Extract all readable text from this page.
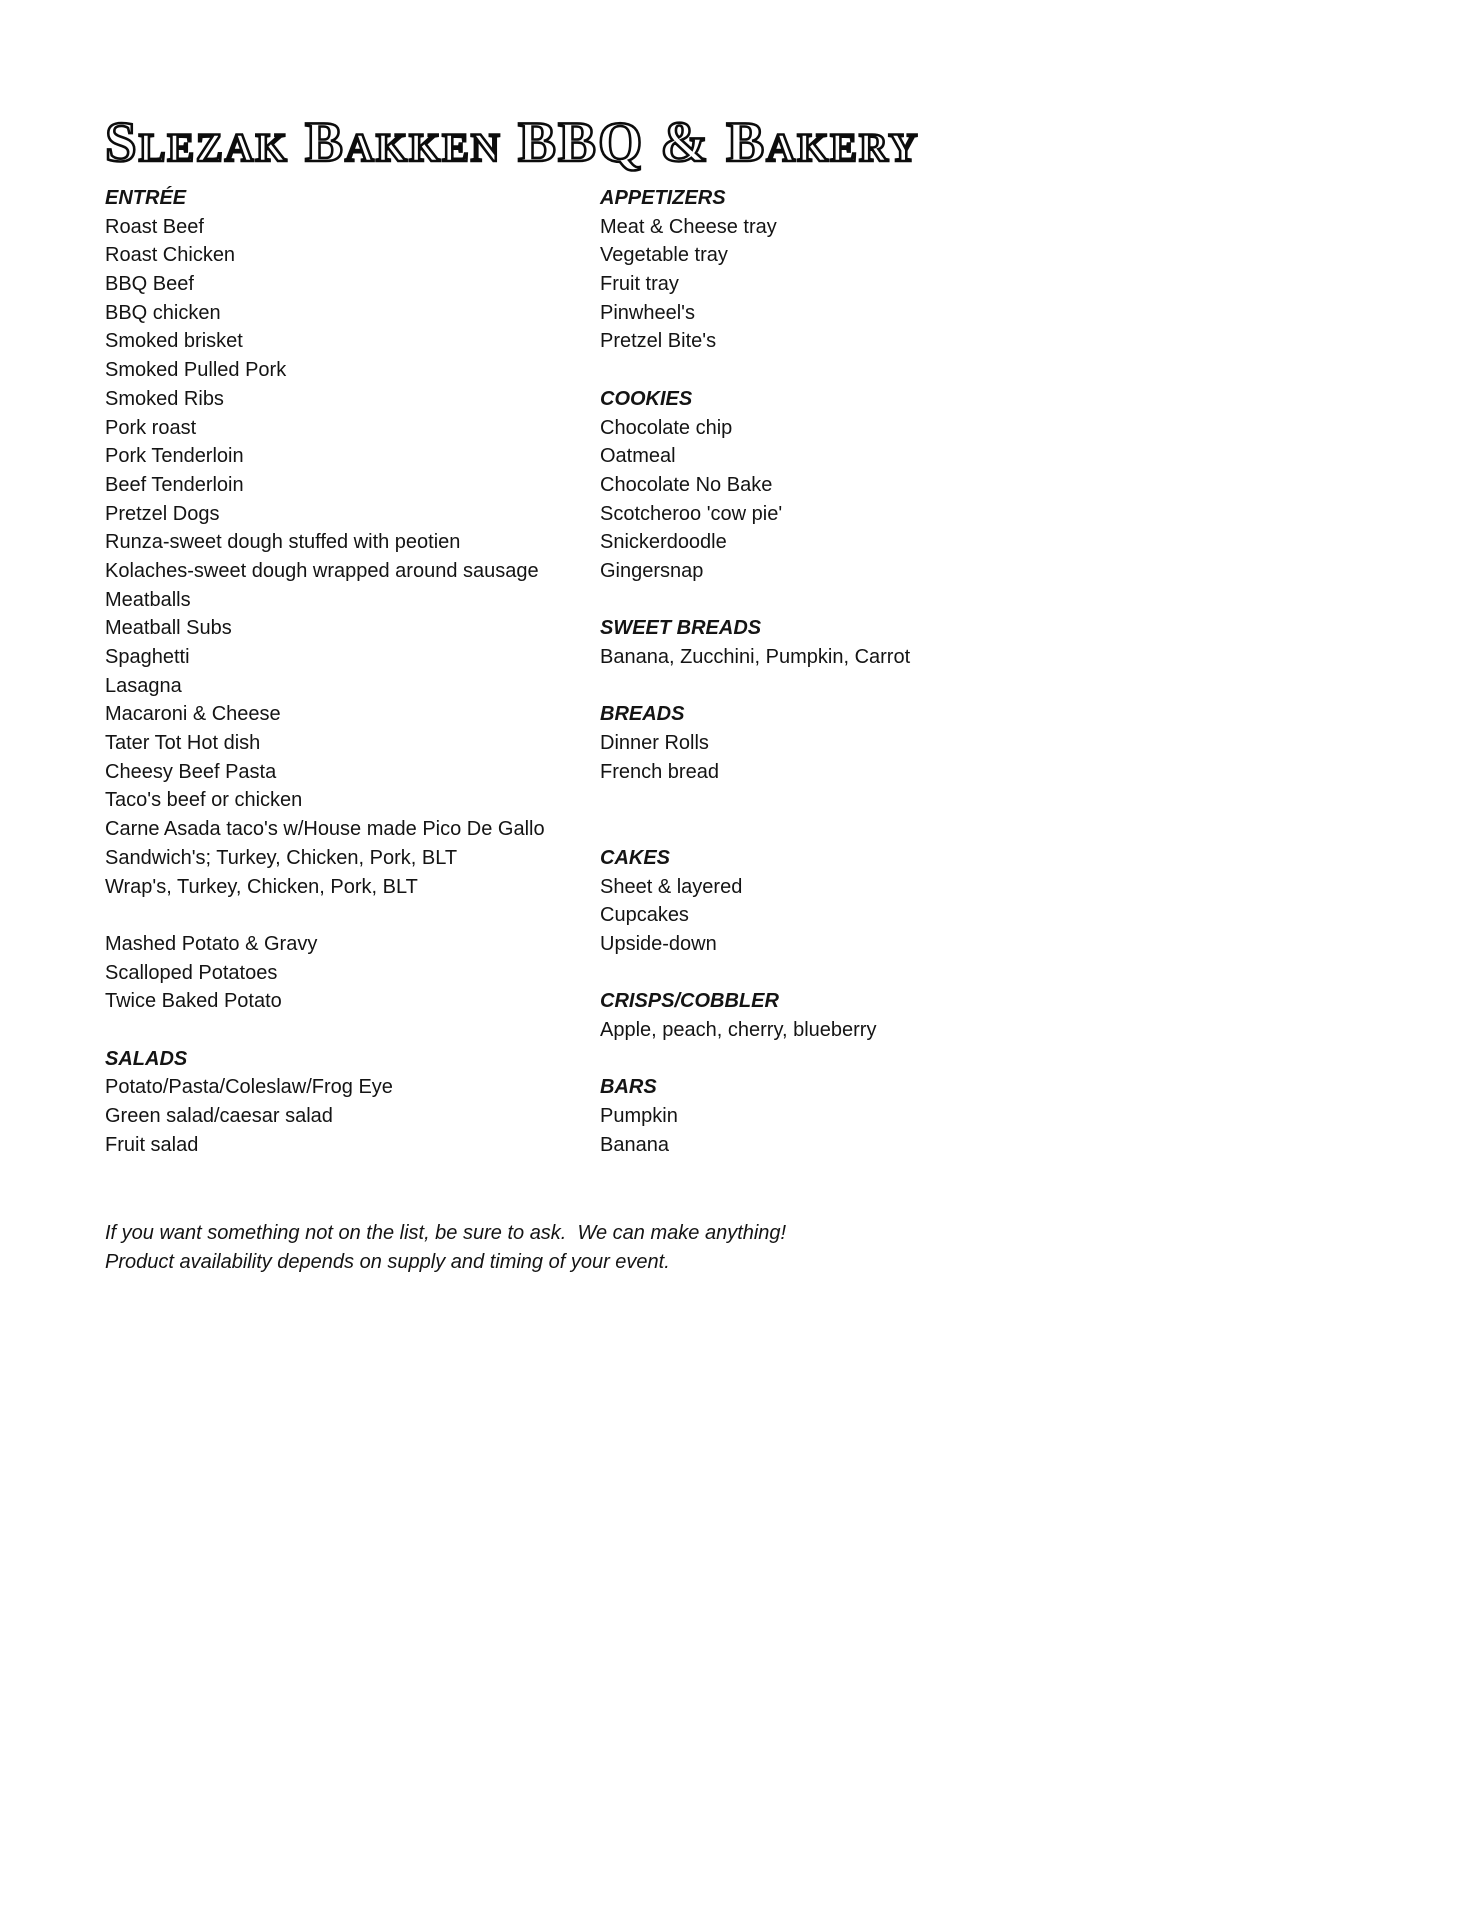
Slezak Bakken BBQ & Bakery
ENTRÉE
Roast Beef
Roast Chicken
BBQ Beef
BBQ chicken
Smoked brisket
Smoked Pulled Pork
Smoked Ribs
Pork roast
Pork Tenderloin
Beef Tenderloin
Pretzel Dogs
Runza-sweet dough stuffed with peotien
Kolaches-sweet dough wrapped around sausage
Meatballs
Meatball Subs
Spaghetti
Lasagna
Macaroni & Cheese
Tater Tot Hot dish
Cheesy Beef Pasta
Taco's beef or chicken
Carne Asada taco's w/House made Pico De Gallo
Sandwich's; Turkey, Chicken, Pork, BLT
Wrap's, Turkey, Chicken, Pork, BLT
Mashed Potato & Gravy
Scalloped Potatoes
Twice Baked Potato
SALADS
Potato/Pasta/Coleslaw/Frog Eye
Green salad/caesar salad
Fruit salad
APPETIZERS
Meat & Cheese tray
Vegetable tray
Fruit tray
Pinwheel's
Pretzel Bite's
COOKIES
Chocolate chip
Oatmeal
Chocolate No Bake
Scotcheroo 'cow pie'
Snickerdoodle
Gingersnap
SWEET BREADS
Banana, Zucchini, Pumpkin, Carrot
BREADS
Dinner Rolls
French bread
CAKES
Sheet & layered
Cupcakes
Upside-down
CRISPS/COBBLER
Apple, peach, cherry, blueberry
BARS
Pumpkin
Banana
If you want something not on the list, be sure to ask.  We can make anything!
Product availability depends on supply and timing of your event.
